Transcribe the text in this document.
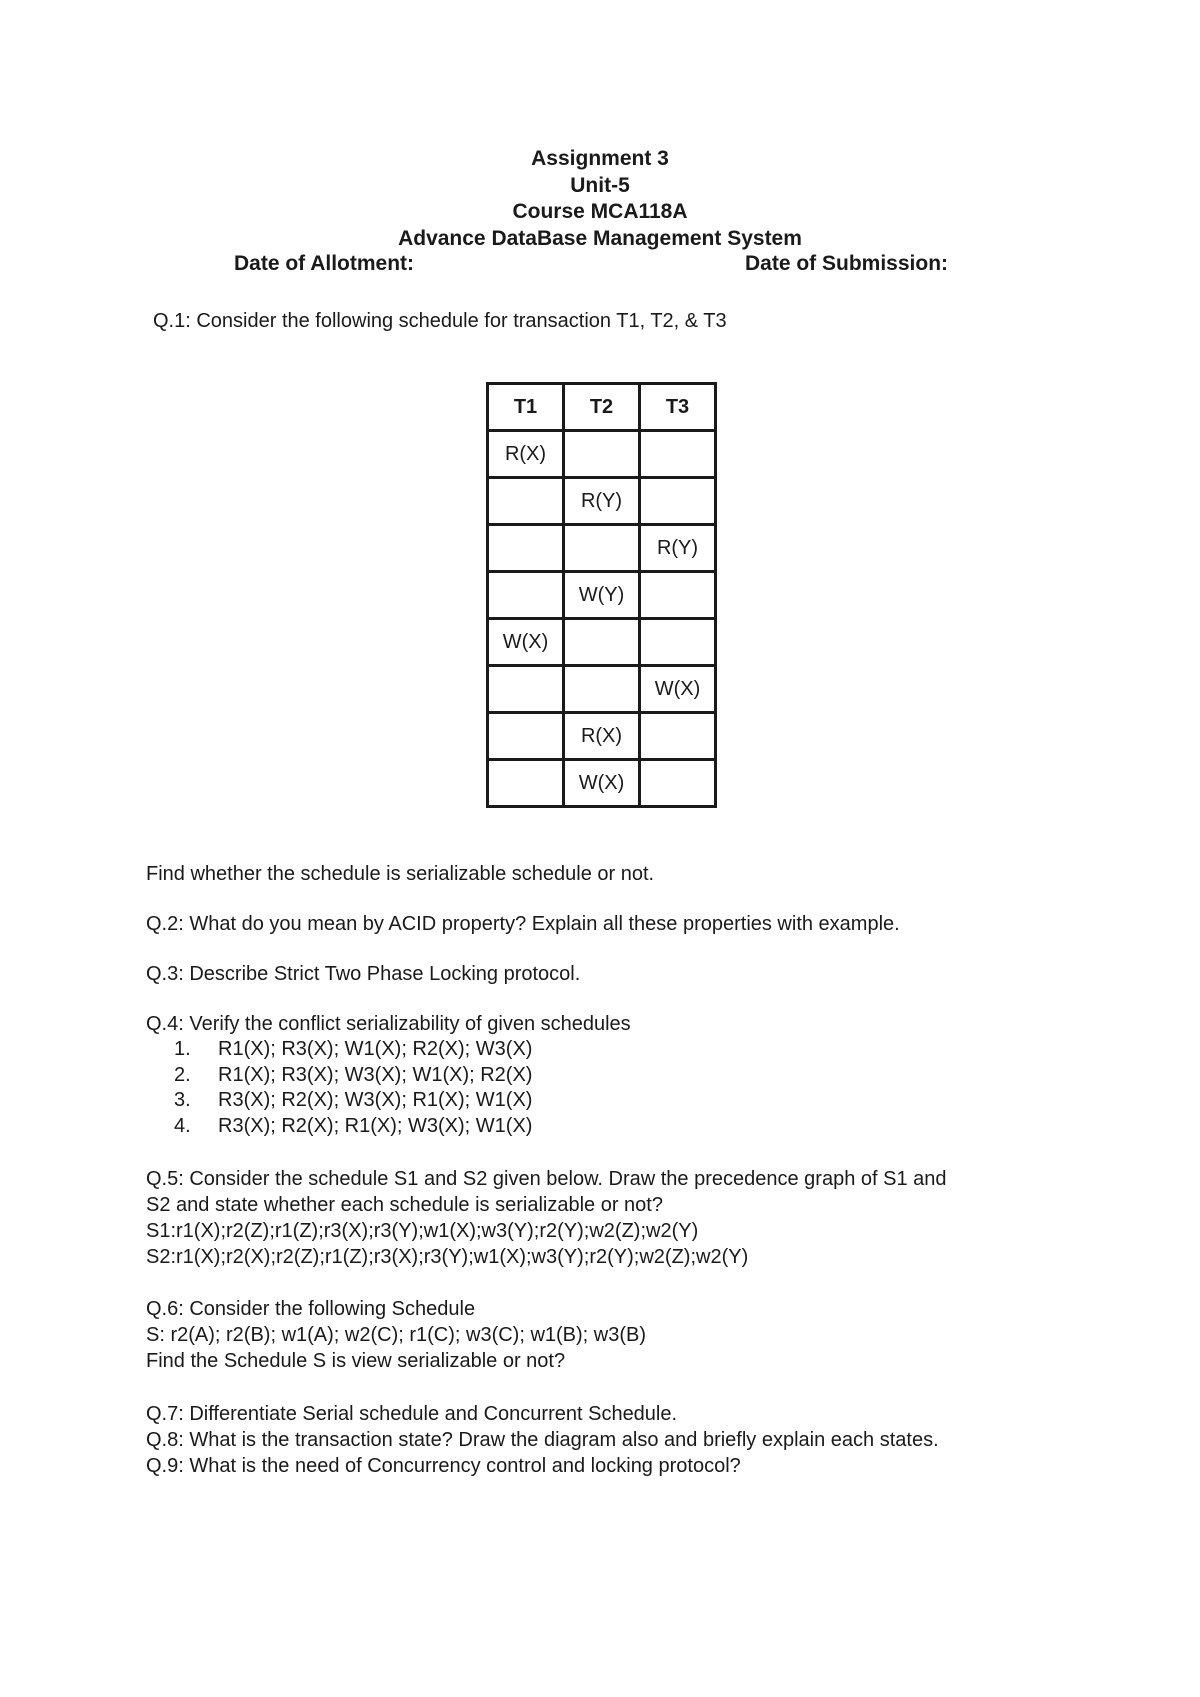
Assignment 3
Unit-5
Course MCA118A
Advance DataBase Management System
Date of Allotment:	Date of Submission:
Q.1: Consider the following schedule for transaction T1, T2, & T3
T1	T2	T3
R(X)		
	R(Y)	
		R(Y)
	W(Y)	
W(X)		
		W(X)
	R(X)	
	W(X)	
Find whether the schedule is serializable schedule or not.
Q.2: What do you mean by ACID property? Explain all these properties with example.
Q.3: Describe Strict Two Phase Locking protocol.
Q.4: Verify the conflict serializability of given schedules
1.	R1(X); R3(X); W1(X); R2(X); W3(X)
2.	R1(X); R3(X); W3(X); W1(X); R2(X)
3.	R3(X); R2(X); W3(X); R1(X); W1(X)
4.	R3(X); R2(X); R1(X); W3(X); W1(X)
Q.5: Consider the schedule S1 and S2 given below. Draw the precedence graph of S1 and
S2 and state whether each schedule is serializable or not?
S1:r1(X);r2(Z);r1(Z);r3(X);r3(Y);w1(X);w3(Y);r2(Y);w2(Z);w2(Y)
S2:r1(X);r2(X);r2(Z);r1(Z);r3(X);r3(Y);w1(X);w3(Y);r2(Y);w2(Z);w2(Y)
Q.6: Consider the following Schedule
S: r2(A); r2(B); w1(A); w2(C); r1(C); w3(C); w1(B); w3(B)
Find the Schedule S is view serializable or not?
Q.7: Differentiate Serial schedule and Concurrent Schedule.
Q.8: What is the transaction state? Draw the diagram also and briefly explain each states.
Q.9: What is the need of Concurrency control and locking protocol?
